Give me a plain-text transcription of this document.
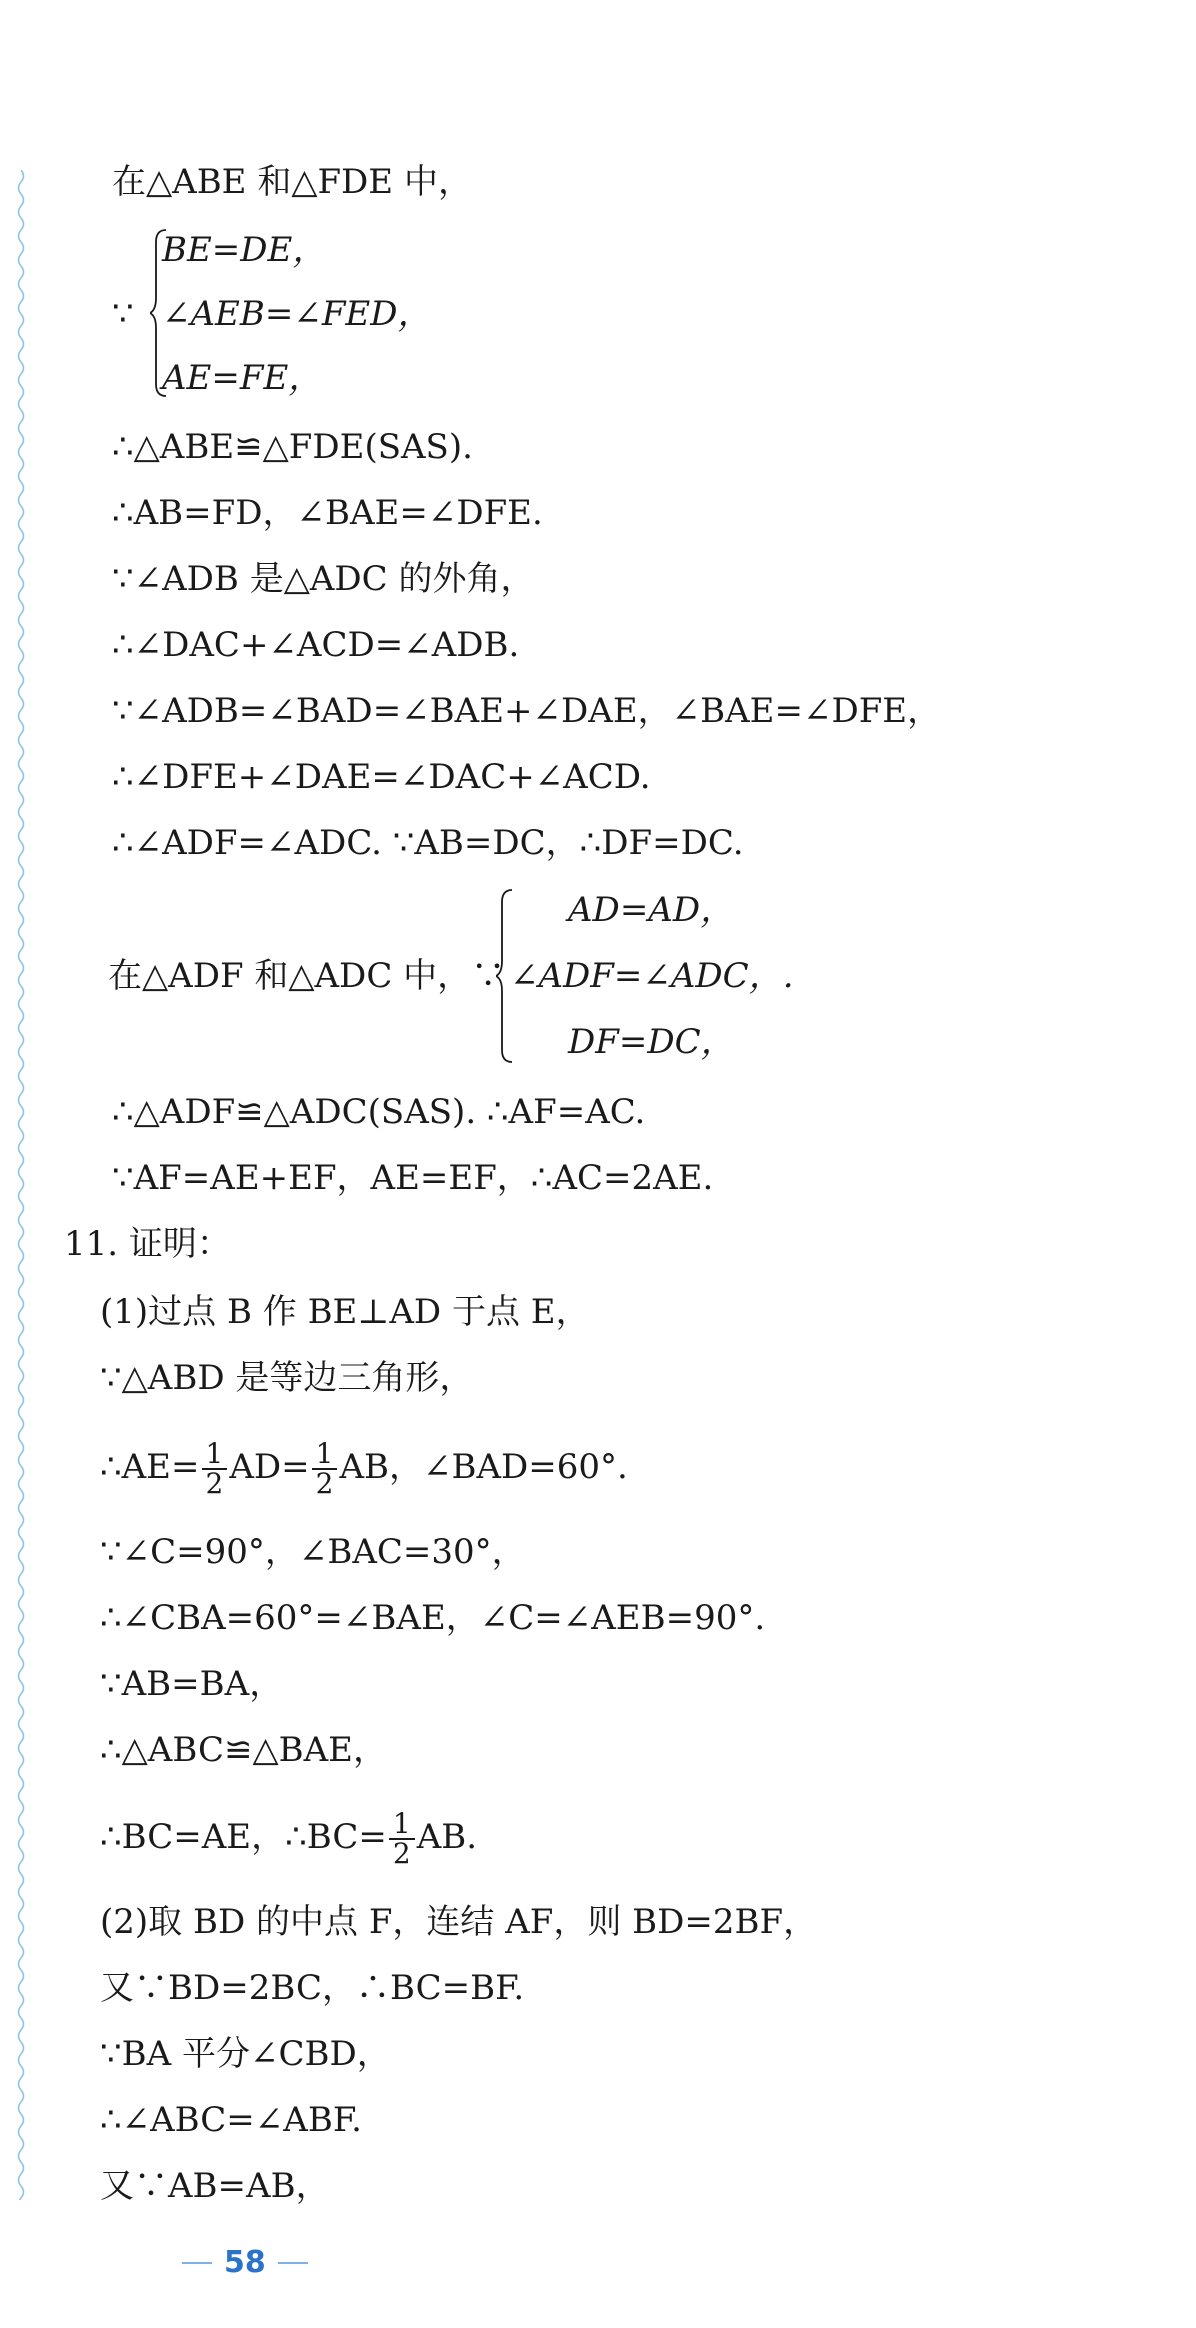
在△ABE 和△FDE 中，
∵
BE=DE，
∠AEB=∠FED，
AE=FE，
∴△ABE≌△FDE(SAS).
∴AB=FD，∠BAE=∠DFE.
∵∠ADB 是△ADC 的外角，
∴∠DAC+∠ACD=∠ADB.
∵∠ADB=∠BAD=∠BAE+∠DAE，∠BAE=∠DFE，
∴∠DFE+∠DAE=∠DAC+∠ACD.
∴∠ADF=∠ADC. ∵AB=DC，∴DF=DC.
在△ADF 和△ADC 中，∵
AD=AD，
∠ADF=∠ADC，.
DF=DC，
∴△ADF≌△ADC(SAS). ∴AF=AC.
∵AF=AE+EF，AE=EF，∴AC=2AE.
11. 证明：
(1)过点 B 作 BE⊥AD 于点 E，
∵△ABD 是等边三角形，
∴AE= $\frac{1}{2} AD= \frac{1}{2}$ AB，∠BAD=60°.
∵∠C=90°，∠BAC=30°，
∴∠CBA=60°=∠BAE，∠C=∠AEB=90°.
∵AB=BA，
∴△ABC≌△BAE，
∴BC=AE，∴BC= $\frac{1}{2}$ AB.
(2)取 BD 的中点 F，连结 AF，则 BD=2BF，
又∵BD=2BC，∴BC=BF.
∵BA 平分∠CBD，
∴∠ABC=∠ABF.
又∵AB=AB，
58
